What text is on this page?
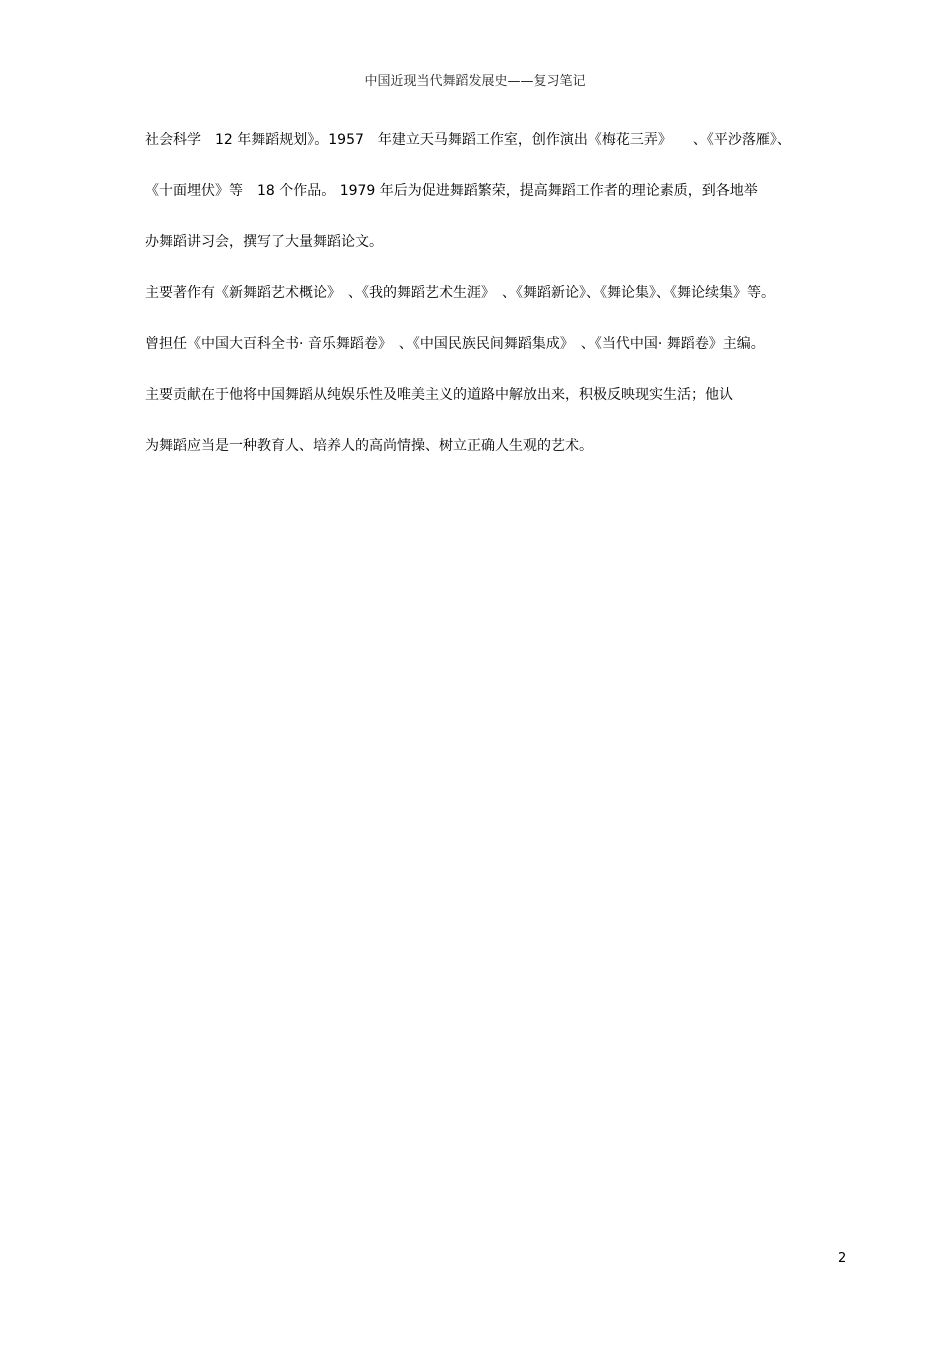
中国近现当代舞蹈发展史——复习笔记
社会科学　12 年舞蹈规划》。1957　年建立天马舞蹈工作室，创作演出《梅花三弄》　　、《平沙落雁》、
《十面埋伏》等　18 个作品。 1979 年后为促进舞蹈繁荣，提高舞蹈工作者的理论素质，到各地举
办舞蹈讲习会，撰写了大量舞蹈论文。
主要著作有《新舞蹈艺术概论》　、《我的舞蹈艺术生涯》　、《舞蹈新论》、《舞论集》、《舞论续集》等。
曾担任《中国大百科全书· 音乐舞蹈卷》　、《中国民族民间舞蹈集成》　、《当代中国· 舞蹈卷》主编。
主要贡献在于他将中国舞蹈从纯娱乐性及唯美主义的道路中解放出来，积极反映现实生活；他认
为舞蹈应当是一种教育人、培养人的高尚情操、树立正确人生观的艺术。
2
